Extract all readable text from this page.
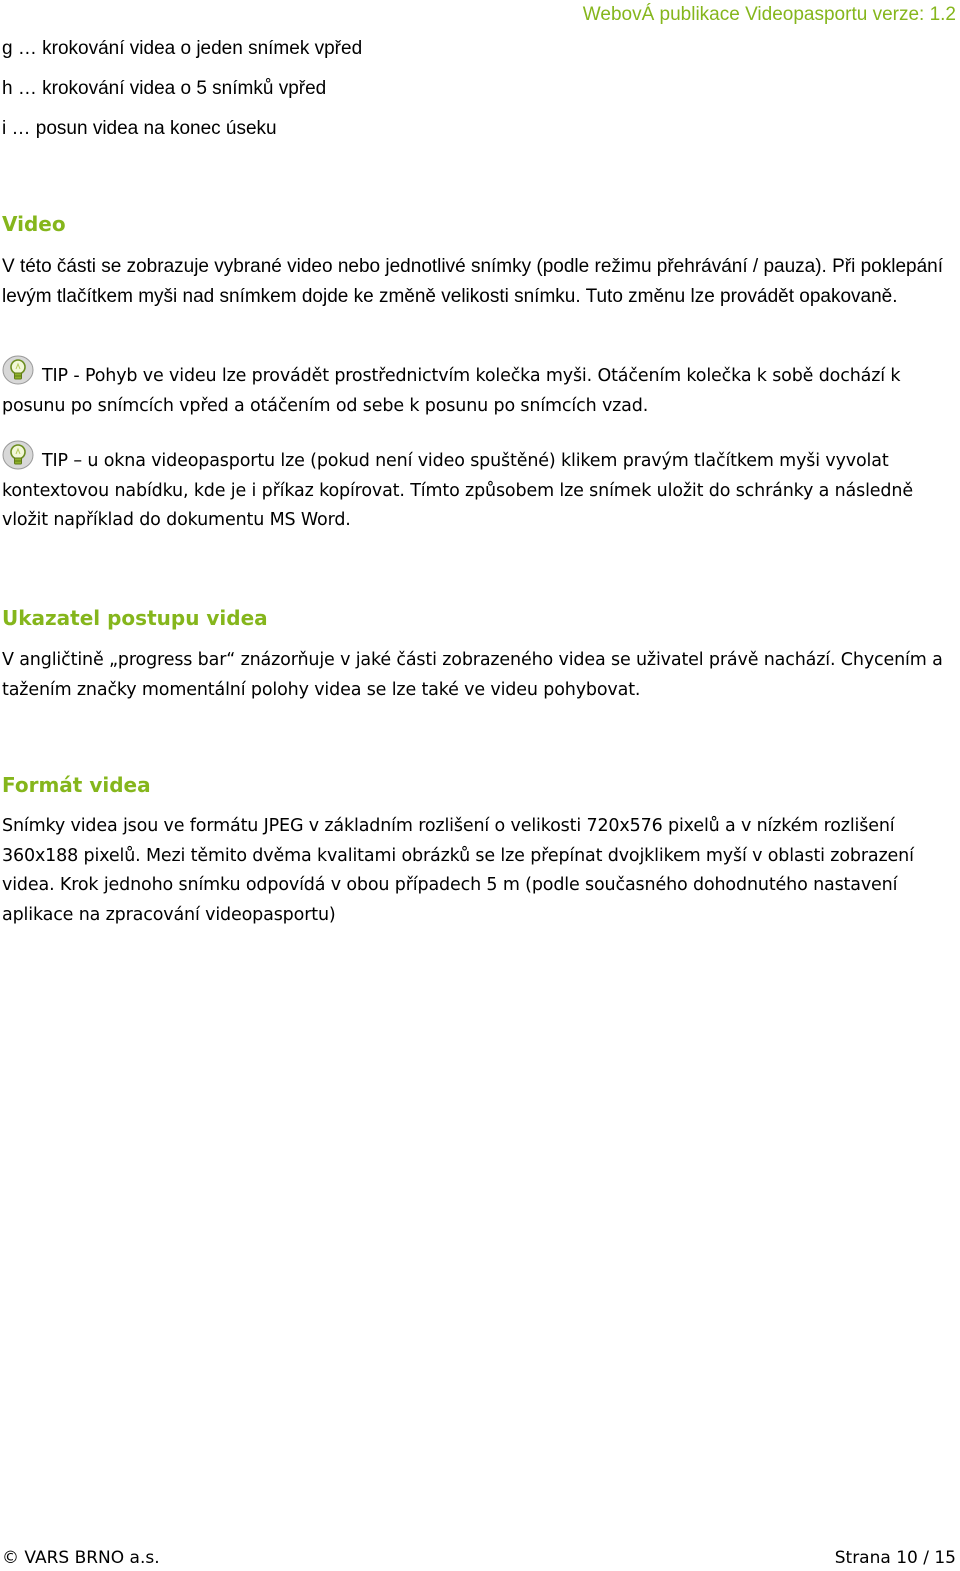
WebovÁ publikace Videopasportu verze: 1.2
g … krokování videa o jeden snímek vpřed
h … krokování videa o 5 snímků vpřed
i … posun videa na konec úseku
Video
V této části se zobrazuje vybrané video nebo jednotlivé snímky (podle režimu přehrávání / pauza). Při poklepání levým tlačítkem myši nad snímkem dojde ke změně velikosti snímku. Tuto změnu lze provádět opakovaně.
TIP - Pohyb ve videu lze provádět prostřednictvím kolečka myši. Otáčením kolečka k sobě dochází k posunu po snímcích vpřed a otáčením od sebe k posunu po snímcích vzad.
TIP – u okna videopasportu lze (pokud není video spuštěné) klikem pravým tlačítkem myši vyvolat kontextovou nabídku, kde je i příkaz kopírovat. Tímto způsobem lze snímek uložit do schránky a následně vložit například do dokumentu MS Word.
Ukazatel postupu videa
V angličtině „progress bar“ znázorňuje v jaké části zobrazeného videa se uživatel právě nachází. Chycením a tažením značky momentální polohy videa se lze také ve videu pohybovat.
Formát videa
Snímky videa jsou ve formátu JPEG v základním rozlišení o velikosti 720x576 pixelů a v nízkém rozlišení 360x188 pixelů. Mezi těmito dvěma kvalitami obrázků se lze přepínat dvojklikem myší v oblasti zobrazení videa. Krok jednoho snímku odpovídá v obou případech 5 m (podle současného dohodnutého nastavení aplikace na zpracování videopasportu)
© VARS BRNO a.s.	Strana 10 / 15
